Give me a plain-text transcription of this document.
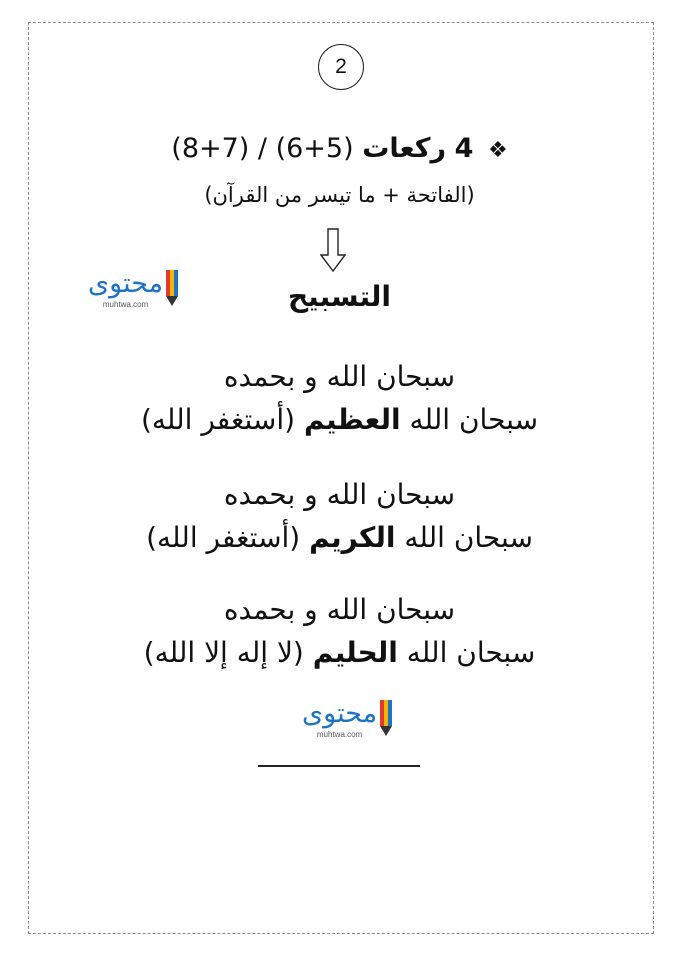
2
❖ 4 ركعات (8+7) / (6+5)
(الفاتحة + ما تيسر من القرآن)
التسبيح
محتوى
muhtwa.com
سبحان الله و بحمده
سبحان الله العظيم (أستغفر الله)
سبحان الله و بحمده
سبحان الله الكريم (أستغفر الله)
سبحان الله و بحمده
سبحان الله الحليم (لا إله إلا الله)
محتوى
muhtwa.com
